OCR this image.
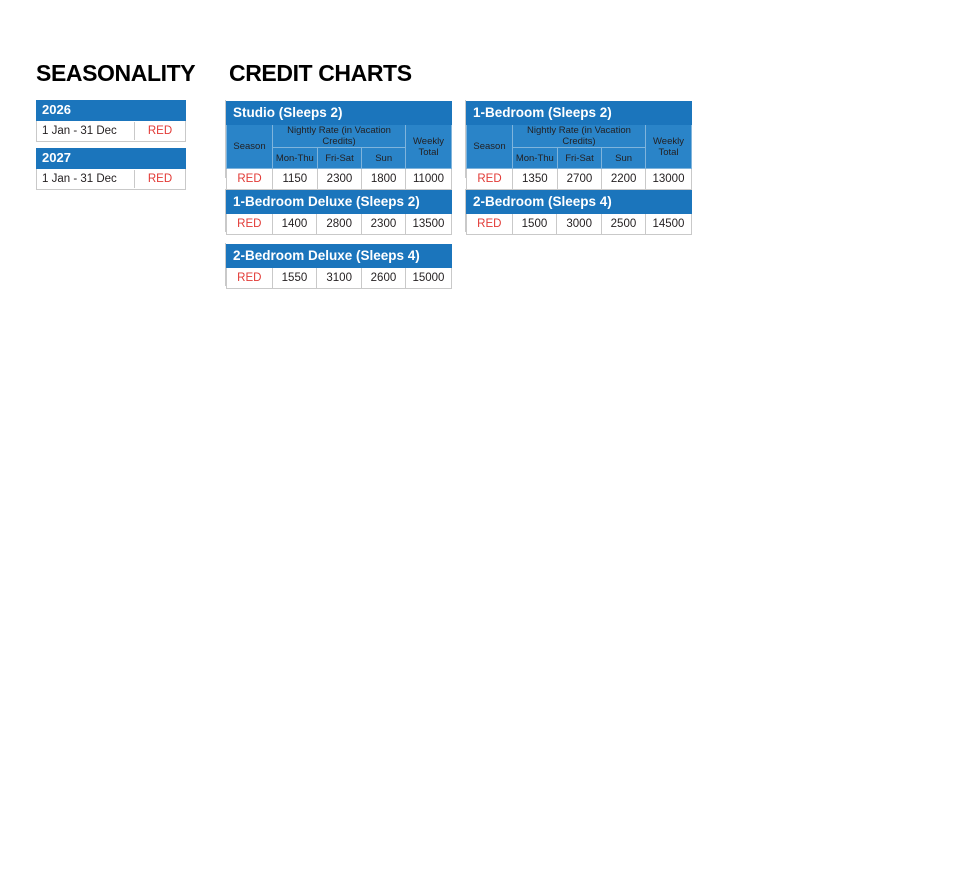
SEASONALITY
2026
1 Jan - 31 Dec	RED
2027
1 Jan - 31 Dec	RED
CREDIT CHARTS
Studio (Sleeps 2)
Season	Nightly Rate (in Vacation Credits)			Weekly Total
	Mon-Thu	Fri-Sat	Sun	
RED	1150	2300	1800	11000
1-Bedroom (Sleeps 2)
Season	Nightly Rate (in Vacation Credits)			Weekly Total
	Mon-Thu	Fri-Sat	Sun	
RED	1350	2700	2200	13000
1-Bedroom Deluxe (Sleeps 2)
RED	1400	2800	2300	13500
2-Bedroom (Sleeps 4)
RED	1500	3000	2500	14500
2-Bedroom Deluxe (Sleeps 4)
RED	1550	3100	2600	15000
